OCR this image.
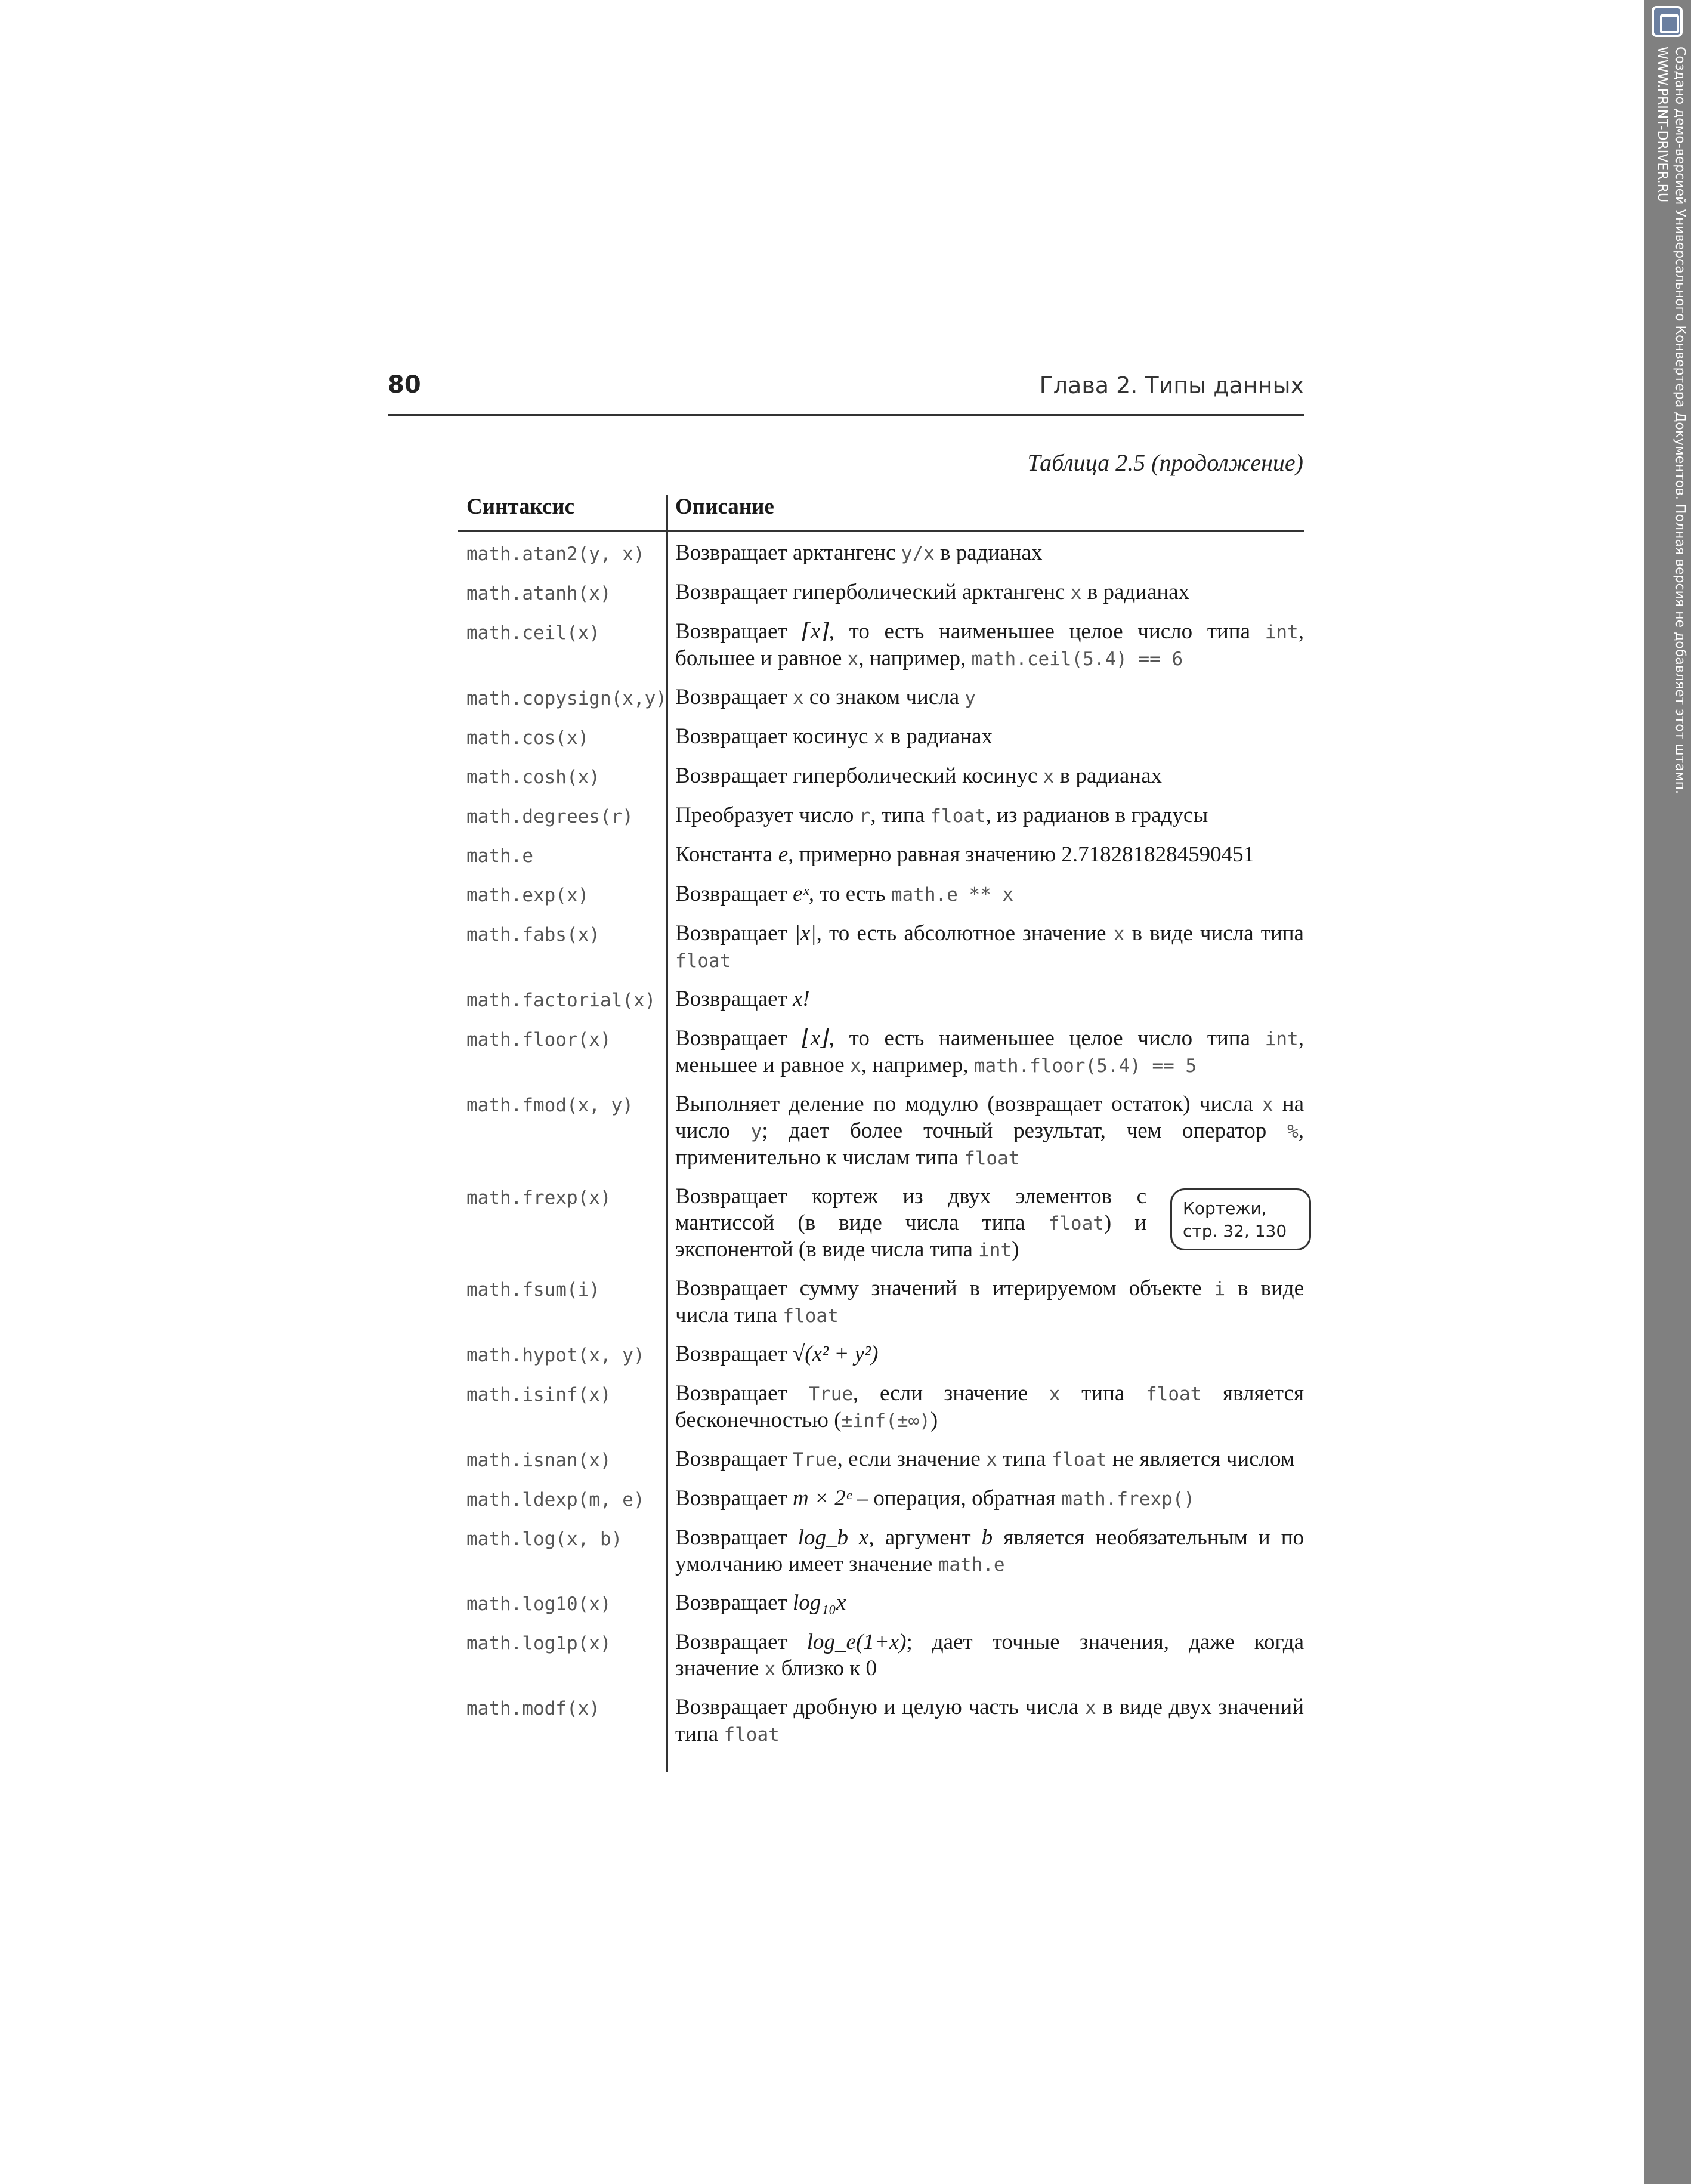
80	Глава 2. Типы данных
Таблица 2.5 (продолжение)
Синтаксис	Описание
math.atan2(y, x)	Возвращает арктангенс y/x в радианах
math.atanh(x)	Возвращает гиперболический арктангенс x в радианах
math.ceil(x)	Возвращает ⌈x⌉, то есть наименьшее целое число типа int, большее и равное x, например, math.ceil(5.4) == 6
math.copysign(x,y) Возвращает x со знаком числа y
math.cos(x)	Возвращает косинус x в радианах
math.cosh(x)	Возвращает гиперболический косинус x в радианах
math.degrees(r)	Преобразует число r, типа float, из радианов в градусы
math.e	Константа e, примерно равная значению 2.7182818284590451
math.exp(x)	Возвращает eˣ, то есть math.e ** x
math.fabs(x)	Возвращает |x|, то есть абсолютное значение x в виде числа типа float
math.factorial(x) Возвращает x!
math.floor(x)	Возвращает ⌊x⌋, то есть наименьшее целое число типа int, меньшее и равное x, например, math.floor(5.4) == 5
math.fmod(x, y)	Выполняет деление по модулю (возвращает остаток) числа x на число y; дает более точный результат, чем оператор %, применительно к числам типа float
math.frexp(x)	Возвращает кортеж из двух элементов с мантиссой (в виде числа типа float) и экспонентой (в виде числа типа int)
Кортежи, стр. 32, 130
math.fsum(i)	Возвращает сумму значений в итерируемом объекте i в виде числа типа float
math.hypot(x, y)	Возвращает √(x² + y²)
math.isinf(x)	Возвращает True, если значение x типа float является бесконечностью (±inf(±∞))
math.isnan(x)	Возвращает True, если значение x типа float не является числом
math.ldexp(m, e)	Возвращает m × 2ᵉ – операция, обратная math.frexp()
math.log(x, b)	Возвращает log_b x, аргумент b является необязательным и по умолчанию имеет значение math.e
math.log10(x)	Возвращает log₁₀x
math.log1p(x)	Возвращает log_e(1+x); дает точные значения, даже когда значение x близко к 0
math.modf(x)	Возвращает дробную и целую часть числа x в виде двух значений типа float
Создано демо-версией Универсального Конвертера Документов. Полная версия не добавляет этот штамп.
WWW.PRINT-DRIVER.RU
